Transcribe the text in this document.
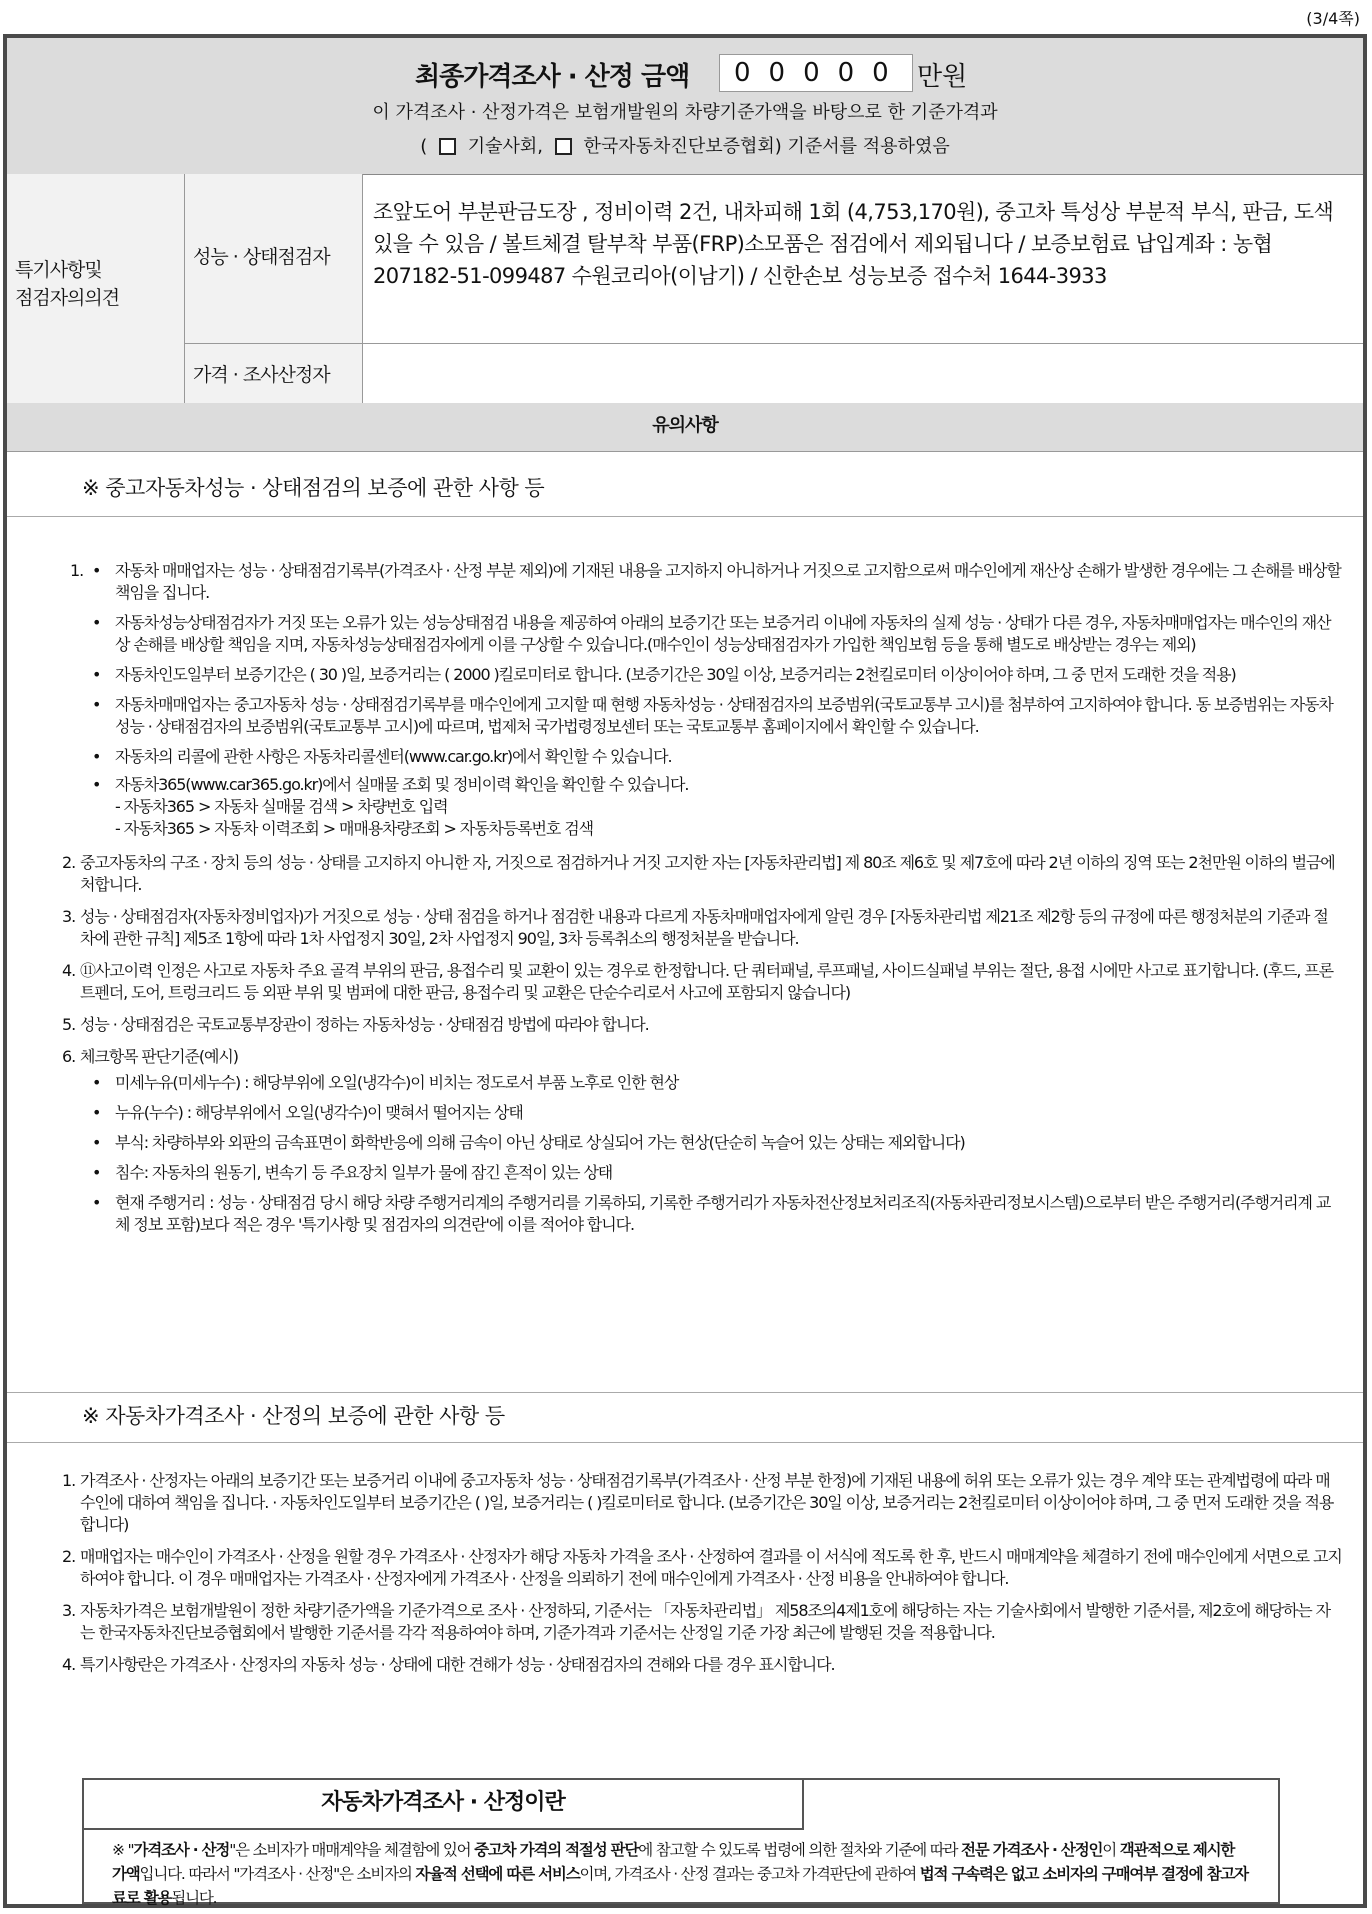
(3/4쪽)
최종가격조사 · 산정 금액	00000 만원
이 가격조사 · 산정가격은 보험개발원의 차량기준가액을 바탕으로 한 기준가격과
( 기술사회, 한국자동차진단보증협회) 기준서를 적용하였음
특기사항및
점검자의의견
성능 · 상태점검자
조앞도어 부분판금도장 , 정비이력 2건, 내차피해 1회 (4,753,170원), 중고차 특성상 부분적 부식, 판금, 도색 있을 수 있음 / 볼트체결 탈부착 부품(FRP)소모품은 점검에서 제외됩니다 / 보증보험료 납입계좌 : 농협 207182-51-099487 수원코리아(이남기) / 신한손보 성능보증 접수처 1644-3933
가격 · 조사산정자
유의사항
※ 중고자동차성능 · 상태점검의 보증에 관한 사항 등
1. • 자동차 매매업자는 성능 · 상태점검기록부(가격조사 · 산정 부분 제외)에 기재된 내용을 고지하지 아니하거나 거짓으로 고지함으로써 매수인에게 재산상 손해가 발생한 경우에는 그 손해를 배상할 책임을 집니다.
• 자동차성능상태점검자가 거짓 또는 오류가 있는 성능상태점검 내용을 제공하여 아래의 보증기간 또는 보증거리 이내에 자동차의 실제 성능 · 상태가 다른 경우, 자동차매매업자는 매수인의 재산상 손해를 배상할 책임을 지며, 자동차성능상태점검자에게 이를 구상할 수 있습니다.(매수인이 성능상태점검자가 가입한 책임보험 등을 통해 별도로 배상받는 경우는 제외)
• 자동차인도일부터 보증기간은 ( 30 )일, 보증거리는 ( 2000 )킬로미터로 합니다. (보증기간은 30일 이상, 보증거리는 2천킬로미터 이상이어야 하며, 그 중 먼저 도래한 것을 적용)
• 자동차매매업자는 중고자동차 성능 · 상태점검기록부를 매수인에게 고지할 때 현행 자동차성능 · 상태점검자의 보증범위(국토교통부 고시)를 첨부하여 고지하여야 합니다. 동 보증범위는 자동차성능 · 상태점검자의 보증범위(국토교통부 고시)에 따르며, 법제처 국가법령정보센터 또는 국토교통부 홈페이지에서 확인할 수 있습니다.
• 자동차의 리콜에 관한 사항은 자동차리콜센터(www.car.go.kr)에서 확인할 수 있습니다.
• 자동차365(www.car365.go.kr)에서 실매물 조회 및 정비이력 확인을 확인할 수 있습니다.

- 자동차365 > 자동차 실매물 검색 > 차량번호 입력

- 자동차365 > 자동차 이력조회 > 매매용차량조회 > 자동차등록번호 검색

2. 중고자동차의 구조 · 장치 등의 성능 · 상태를 고지하지 아니한 자, 거짓으로 점검하거나 거짓 고지한 자는 [자동차관리법] 제 80조 제6호 및 제7호에 따라 2년 이하의 징역 또는 2천만원 이하의 벌금에 처합니다.
3. 성능 · 상태점검자(자동차정비업자)가 거짓으로 성능 · 상태 점검을 하거나 점검한 내용과 다르게 자동차매매업자에게 알린 경우 [자동차관리법 제21조 제2항 등의 규정에 따른 행정처분의 기준과 절차에 관한 규칙] 제5조 1항에 따라 1차 사업정지 30일, 2차 사업정지 90일, 3차 등록취소의 행정처분을 받습니다.
4. ⑪사고이력 인정은 사고로 자동차 주요 골격 부위의 판금, 용접수리 및 교환이 있는 경우로 한정합니다. 단 쿼터패널, 루프패널, 사이드실패널 부위는 절단, 용접 시에만 사고로 표기합니다. (후드, 프론트펜더, 도어, 트렁크리드 등 외판 부위 및 범퍼에 대한 판금, 용접수리 및 교환은 단순수리로서 사고에 포함되지 않습니다)
5. 성능 · 상태점검은 국토교통부장관이 정하는 자동차성능 · 상태점검 방법에 따라야 합니다.
6. 체크항목 판단기준(예시)
• 미세누유(미세누수) : 해당부위에 오일(냉각수)이 비치는 정도로서 부품 노후로 인한 현상
• 누유(누수) : 해당부위에서 오일(냉각수)이 맺혀서 떨어지는 상태
• 부식: 차량하부와 외판의 금속표면이 화학반응에 의해 금속이 아닌 상태로 상실되어 가는 현상(단순히 녹슬어 있는 상태는 제외합니다)
• 침수: 자동차의 원동기, 변속기 등 주요장치 일부가 물에 잠긴 흔적이 있는 상태
• 현재 주행거리 : 성능 · 상태점검 당시 해당 차량 주행거리계의 주행거리를 기록하되, 기록한 주행거리가 자동차전산정보처리조직(자동차관리정보시스템)으로부터 받은 주행거리(주행거리계 교체 정보 포함)보다 적은 경우 '특기사항 및 점검자의 의견란'에 이를 적어야 합니다.
※ 자동차가격조사 · 산정의 보증에 관한 사항 등
1. 가격조사 · 산정자는 아래의 보증기간 또는 보증거리 이내에 중고자동차 성능 · 상태점검기록부(가격조사 · 산정 부분 한정)에 기재된 내용에 허위 또는 오류가 있는 경우 계약 또는 관계법령에 따라 매수인에 대하여 책임을 집니다. · 자동차인도일부터 보증기간은 ( )일, 보증거리는 ( )킬로미터로 합니다. (보증기간은 30일 이상, 보증거리는 2천킬로미터 이상이어야 하며, 그 중 먼저 도래한 것을 적용합니다)
2. 매매업자는 매수인이 가격조사 · 산정을 원할 경우 가격조사 · 산정자가 해당 자동차 가격을 조사 · 산정하여 결과를 이 서식에 적도록 한 후, 반드시 매매계약을 체결하기 전에 매수인에게 서면으로 고지하여야 합니다. 이 경우 매매업자는 가격조사 · 산정자에게 가격조사 · 산정을 의뢰하기 전에 매수인에게 가격조사 · 산정 비용을 안내하여야 합니다.
3. 자동차가격은 보험개발원이 정한 차량기준가액을 기준가격으로 조사 · 산정하되, 기준서는 「자동차관리법」 제58조의4제1호에 해당하는 자는 기술사회에서 발행한 기준서를, 제2호에 해당하는 자는 한국자동차진단보증협회에서 발행한 기준서를 각각 적용하여야 하며, 기준가격과 기준서는 산정일 기준 가장 최근에 발행된 것을 적용합니다.
4. 특기사항란은 가격조사 · 산정자의 자동차 성능 · 상태에 대한 견해가 성능 · 상태점검자의 견해와 다를 경우 표시합니다.
자동차가격조사 · 산정이란
※ "가격조사 · 산정"은 소비자가 매매계약을 체결함에 있어 중고차 가격의 적절성 판단에 참고할 수 있도록 법령에 의한 절차와 기준에 따라 전문 가격조사 · 산정인이 객관적으로 제시한 가액입니다. 따라서 "가격조사 · 산정"은 소비자의 자율적 선택에 따른 서비스이며, 가격조사 · 산정 결과는 중고차 가격판단에 관하여 법적 구속력은 없고 소비자의 구매여부 결정에 참고자료로 활용됩니다.
